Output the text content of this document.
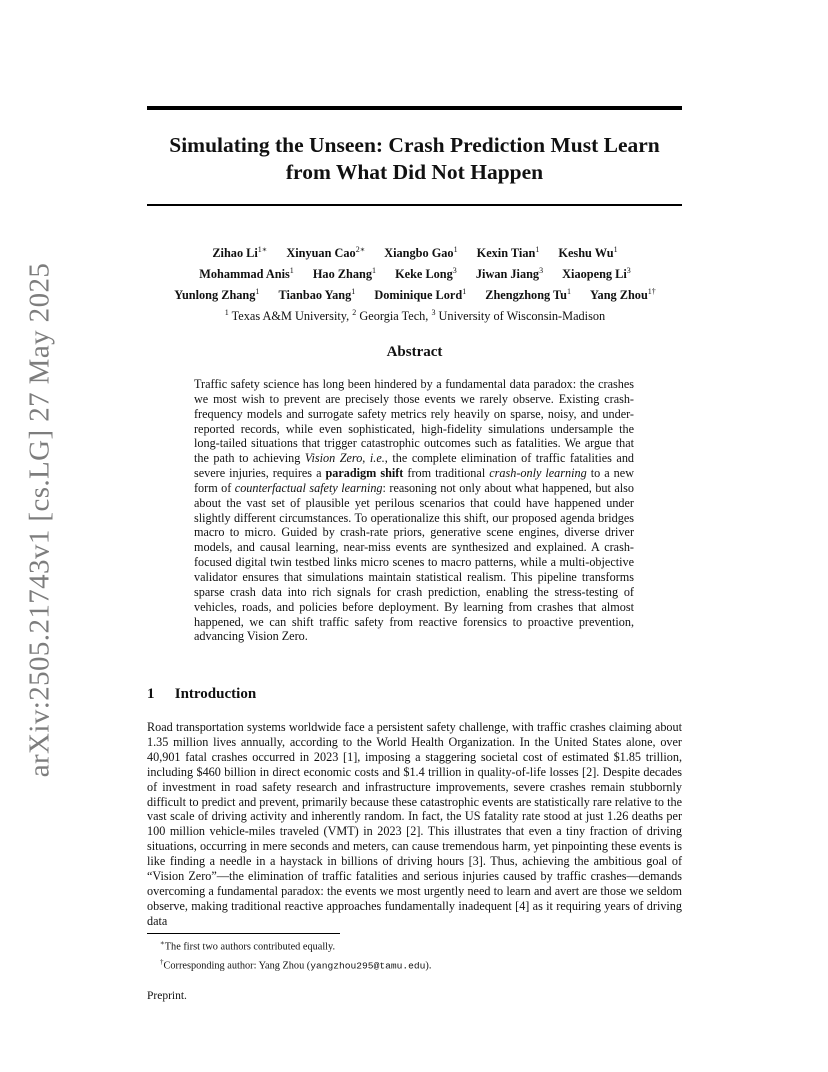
arXiv:2505.21743v1 [cs.LG] 27 May 2025
Simulating the Unseen: Crash Prediction Must Learn
from What Did Not Happen
Zihao $Li^{1∗}$ Xinyuan Cao$^{2∗}$ Xiangbo Gao$^1$ Kexin Tian$^1$ Keshu Wu$^1$
Mohammad Anis$^1$ Hao Zhang$^1$ Keke Long$^3$ Jiwan Jiang$^3$ Xiaopeng Li$^3$
Yunlong Zhang$^1$ Tianbao Yang$^1$ Dominique Lord$^1$ Zhengzhong Tu$^1$ Yang Zhou$^{1\dagger}$
$^1$ Texas A&M University, $^2$ Georgia Tech, $^3$ University of Wisconsin-Madison
Abstract

Traffic safety science has long been hindered by a fundamental data paradox: the crashes we most wish to prevent are precisely those events we rarely observe. Existing crash-frequency models and surrogate safety metrics rely heavily on sparse, noisy, and under-reported records, while even sophisticated, high-fidelity simulations undersample the long-tailed situations that trigger catastrophic outcomes such as fatalities. We argue that the path to achieving Vision Zero, i.e., the complete elimination of traffic fatalities and severe injuries, requires a paradigm shift from traditional crash-only learning to a new form of counterfactual safety learning: reasoning not only about what happened, but also about the vast set of plausible yet perilous scenarios that could have happened under slightly different circumstances. To operationalize this shift, our proposed agenda bridges macro to micro. Guided by crash-rate priors, generative scene engines, diverse driver models, and causal learning, near-miss events are synthesized and explained. A crash-focused digital twin testbed links micro scenes to macro patterns, while a multi-objective validator ensures that simulations maintain statistical realism. This pipeline transforms sparse crash data into rich signals for crash prediction, enabling the stress-testing of vehicles, roads, and policies before deployment. By learning from crashes that almost happened, we can shift traffic safety from reactive forensics to proactive prevention, advancing Vision Zero.

1 Introduction

Road transportation systems worldwide face a persistent safety challenge, with traffic crashes claiming about 1.35 million lives annually, according to the World Health Organization. In the United States alone, over 40,901 fatal crashes occurred in 2023 [1], imposing a staggering societal cost of estimated $1.85 trillion, including $460 billion in direct economic costs and $1.4 trillion in quality-of-life losses [2]. Despite decades of investment in road safety research and infrastructure improvements, severe crashes remain stubbornly difficult to predict and prevent, primarily because these catastrophic events are statistically rare relative to the vast scale of driving activity and inherently random. In fact, the US fatality rate stood at just 1.26 deaths per 100 million vehicle-miles traveled (VMT) in 2023 [2]. This illustrates that even a tiny fraction of driving situations, occurring in mere seconds and meters, can cause tremendous harm, yet pinpointing these events is like finding a needle in a haystack in billions of driving hours [3]. Thus, achieving the ambitious goal of “Vision Zero”—the elimination of traffic fatalities and serious injuries caused by traffic crashes—demands overcoming a fundamental paradox: the events we most urgently need to learn and avert are those we seldom observe, making traditional reactive approaches fundamentally inadequent [4] as it requiring years of driving data

∗The first two authors contributed equally.
†Corresponding author: Yang Zhou (yangzhou295@tamu.edu).
Preprint.
